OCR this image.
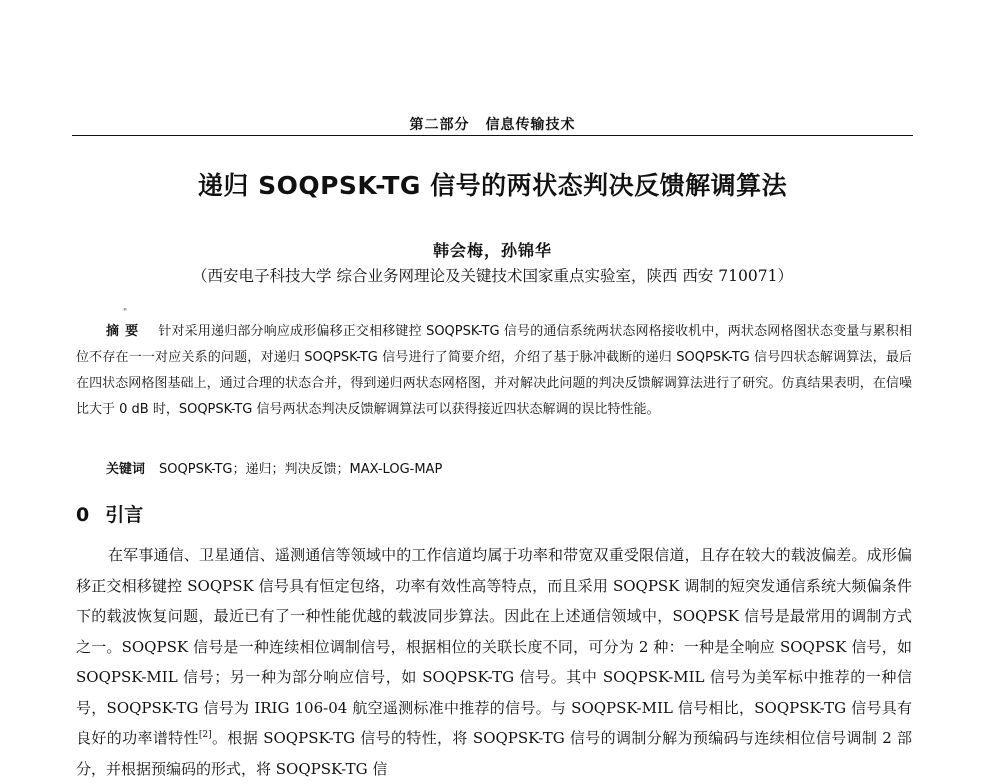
第二部分 信息传输技术
递归 SOQPSK-TG 信号的两状态判决反馈解调算法
韩会梅，孙锦华
（西安电子科技大学 综合业务网理论及关键技术国家重点实验室，陕西 西安 710071）
"
摘要 针对采用递归部分响应成形偏移正交相移键控 SOQPSK-TG 信号的通信系统两状态网格接收机中，两状态网格图状态变量与累积相位不存在一一对应关系的问题，对递归 SOQPSK-TG 信号进行了简要介绍，介绍了基于脉冲截断的递归 SOQPSK-TG 信号四状态解调算法，最后在四状态网格图基础上，通过合理的状态合并，得到递归两状态网格图，并对解决此问题的判决反馈解调算法进行了研究。仿真结果表明，在信噪比大于 0 dB 时，SOQPSK-TG 信号两状态判决反馈解调算法可以获得接近四状态解调的误比特性能。
关键词 SOQPSK-TG；递归；判决反馈；MAX-LOG-MAP
0 引言
在军事通信、卫星通信、遥测通信等领域中的工作信道均属于功率和带宽双重受限信道，且存在较大的载波偏差。成形偏移正交相移键控 SOQPSK 信号具有恒定包络，功率有效性高等特点，而且采用 SOQPSK 调制的短突发通信系统大频偏条件下的载波恢复问题，最近已有了一种性能优越的载波同步算法。因此在上述通信领域中，SOQPSK 信号是最常用的调制方式之一。SOQPSK 信号是一种连续相位调制信号，根据相位的关联长度不同，可分为 2 种：一种是全响应 SOQPSK 信号，如 SOQPSK-MIL 信号；另一种为部分响应信号，如 SOQPSK-TG 信号。其中 SOQPSK-MIL 信号为美军标中推荐的一种信号，SOQPSK-TG 信号为 IRIG 106-04 航空遥测标准中推荐的信号。与 SOQPSK-MIL 信号相比，SOQPSK-TG 信号具有良好的功率谱特性[2]。根据 SOQPSK-TG 信号的特性，将 SOQPSK-TG 信号的调制分解为预编码与连续相位信号调制 2 部分，并根据预编码的形式，将 SOQPSK-TG 信
